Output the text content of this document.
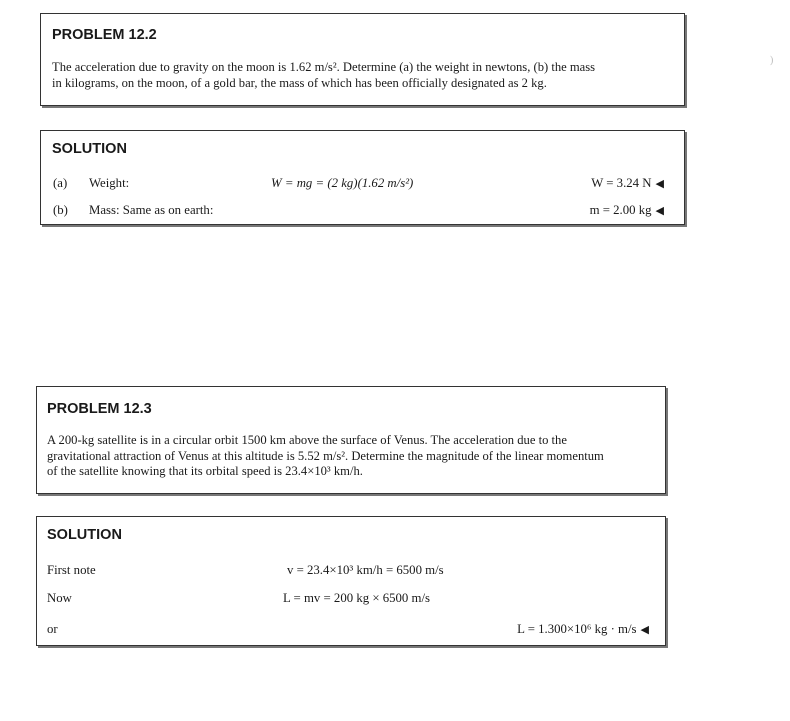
PROBLEM 12.2
The acceleration due to gravity on the moon is 1.62 m/s². Determine (a) the weight in newtons, (b) the mass
in kilograms, on the moon, of a gold bar, the mass of which has been officially designated as 2 kg.
SOLUTION
(a) Weight:	W = mg = (2 kg)(1.62 m/s²)	W = 3.24 N ◀
(b) Mass: Same as on earth:	m = 2.00 kg ◀
PROBLEM 12.3
A 200-kg satellite is in a circular orbit 1500 km above the surface of Venus. The acceleration due to the
gravitational attraction of Venus at this altitude is 5.52 m/s². Determine the magnitude of the linear momentum
of the satellite knowing that its orbital speed is 23.4×10³ km/h.
SOLUTION
First note	v = 23.4×10³ km/h = 6500 m/s
Now	L = mv = 200 kg × 6500 m/s
or	L = 1.300×10⁶ kg · m/s ◀
)
